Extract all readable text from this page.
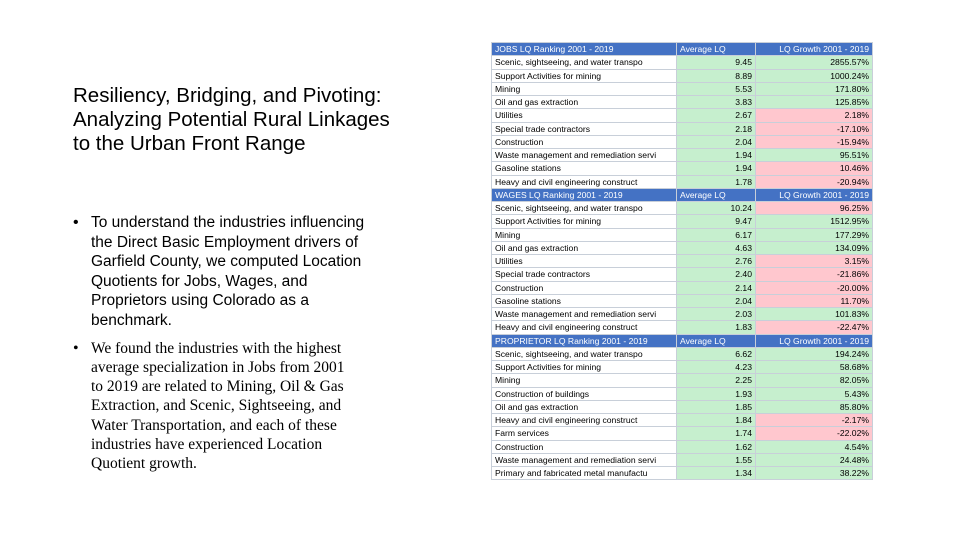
Resiliency, Bridging, and Pivoting:
Analyzing Potential Rural Linkages
to the Urban Front Range
• To understand the industries influencing
the Direct Basic Employment drivers of
Garfield County, we computed Location
Quotients for Jobs, Wages, and
Proprietors using Colorado as a
benchmark.
• We found the industries with the highest
average specialization in Jobs from 2001
to 2019 are related to Mining, Oil & Gas
Extraction, and Scenic, Sightseeing, and
Water Transportation, and each of these
industries have experienced Location
Quotient growth.
JOBS LQ Ranking 2001 - 2019	Average LQ	LQ Growth 2001 - 2019
Scenic, sightseeing, and water transpo	9.45	2855.57%
Support Activities for mining	8.89	1000.24%
Mining	5.53	171.80%
Oil and gas extraction	3.83	125.85%
Utilities	2.67	2.18%
Special trade contractors	2.18	-17.10%
Construction	2.04	-15.94%
Waste management and remediation servi	1.94	95.51%
Gasoline stations	1.94	10.46%
Heavy and civil engineering construct	1.78	-20.94%
WAGES LQ Ranking 2001 - 2019	Average LQ	LQ Growth 2001 - 2019
Scenic, sightseeing, and water transpo	10.24	96.25%
Support Activities for mining	9.47	1512.95%
Mining	6.17	177.29%
Oil and gas extraction	4.63	134.09%
Utilities	2.76	3.15%
Special trade contractors	2.40	-21.86%
Construction	2.14	-20.00%
Gasoline stations	2.04	11.70%
Waste management and remediation servi	2.03	101.83%
Heavy and civil engineering construct	1.83	-22.47%
PROPRIETOR LQ Ranking 2001 - 2019	Average LQ	LQ Growth 2001 - 2019
Scenic, sightseeing, and water transpo	6.62	194.24%
Support Activities for mining	4.23	58.68%
Mining	2.25	82.05%
Construction of buildings	1.93	5.43%
Oil and gas extraction	1.85	85.80%
Heavy and civil engineering construct	1.84	-2.17%
Farm services	1.74	-22.02%
Construction	1.62	4.54%
Waste management and remediation servi	1.55	24.48%
Primary and fabricated metal manufactu	1.34	38.22%
